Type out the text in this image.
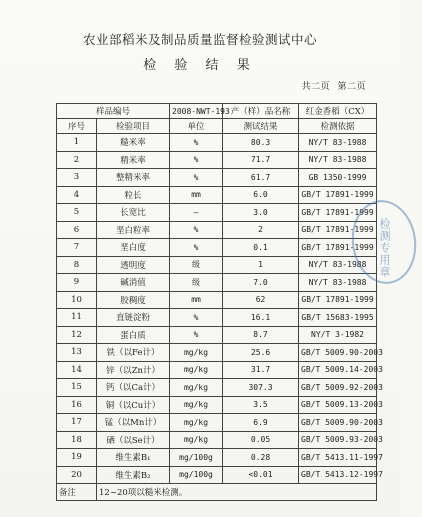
农业部稻米及制品质量监督检验测试中心
检 验 结 果
共二页 第二页
样品编号		2008-NWT-193	产（样）品名称	红金香稻（CX）
序号	检验项目	单位	测试结果	检测依据
1	糙米率	%	80.3	NY/T 83-1988
2	精米率	%	71.7	NY/T 83-1988
3	整精米率	%	61.7	GB 1350-1999
4	粒长	mm	6.0	GB/T 17891-1999
5	长宽比	—	3.0	GB/T 17891-1999
6	垩白粒率	%	2	GB/T 17891-1999
7	垩白度	%	0.1	GB/T 17891-1999
8	透明度	级	1	NY/T 83-1988
9	碱消值	级	7.0	NY/T 83-1988
10	胶稠度	mm	62	GB/T 17891-1999
11	直链淀粉	%	16.1	GB/T 15683-1995
12	蛋白质	%	8.7	NY/T 3-1982
13	铁（以Fe计）	mg/kg	25.6	GB/T 5009.90-2003
14	锌（以Zn计）	mg/kg	31.7	GB/T 5009.14-2003
15	钙（以Ca计）	mg/kg	307.3	GB/T 5009.92-2003
16	铜（以Cu计）	mg/kg	3.5	GB/T 5009.13-2003
17	锰（以Mn计）	mg/kg	6.9	GB/T 5009.90-2003
18	硒（以Se计）	mg/kg	0.05	GB/T 5009.93-2003
19	维生素B₁	mg/100g	0.28	GB/T 5413.11-1997
20	维生素B₂	mg/100g	<0.01	GB/T 5413.12-1997
备注	12~20项以糙米检测。			
检测专用章
